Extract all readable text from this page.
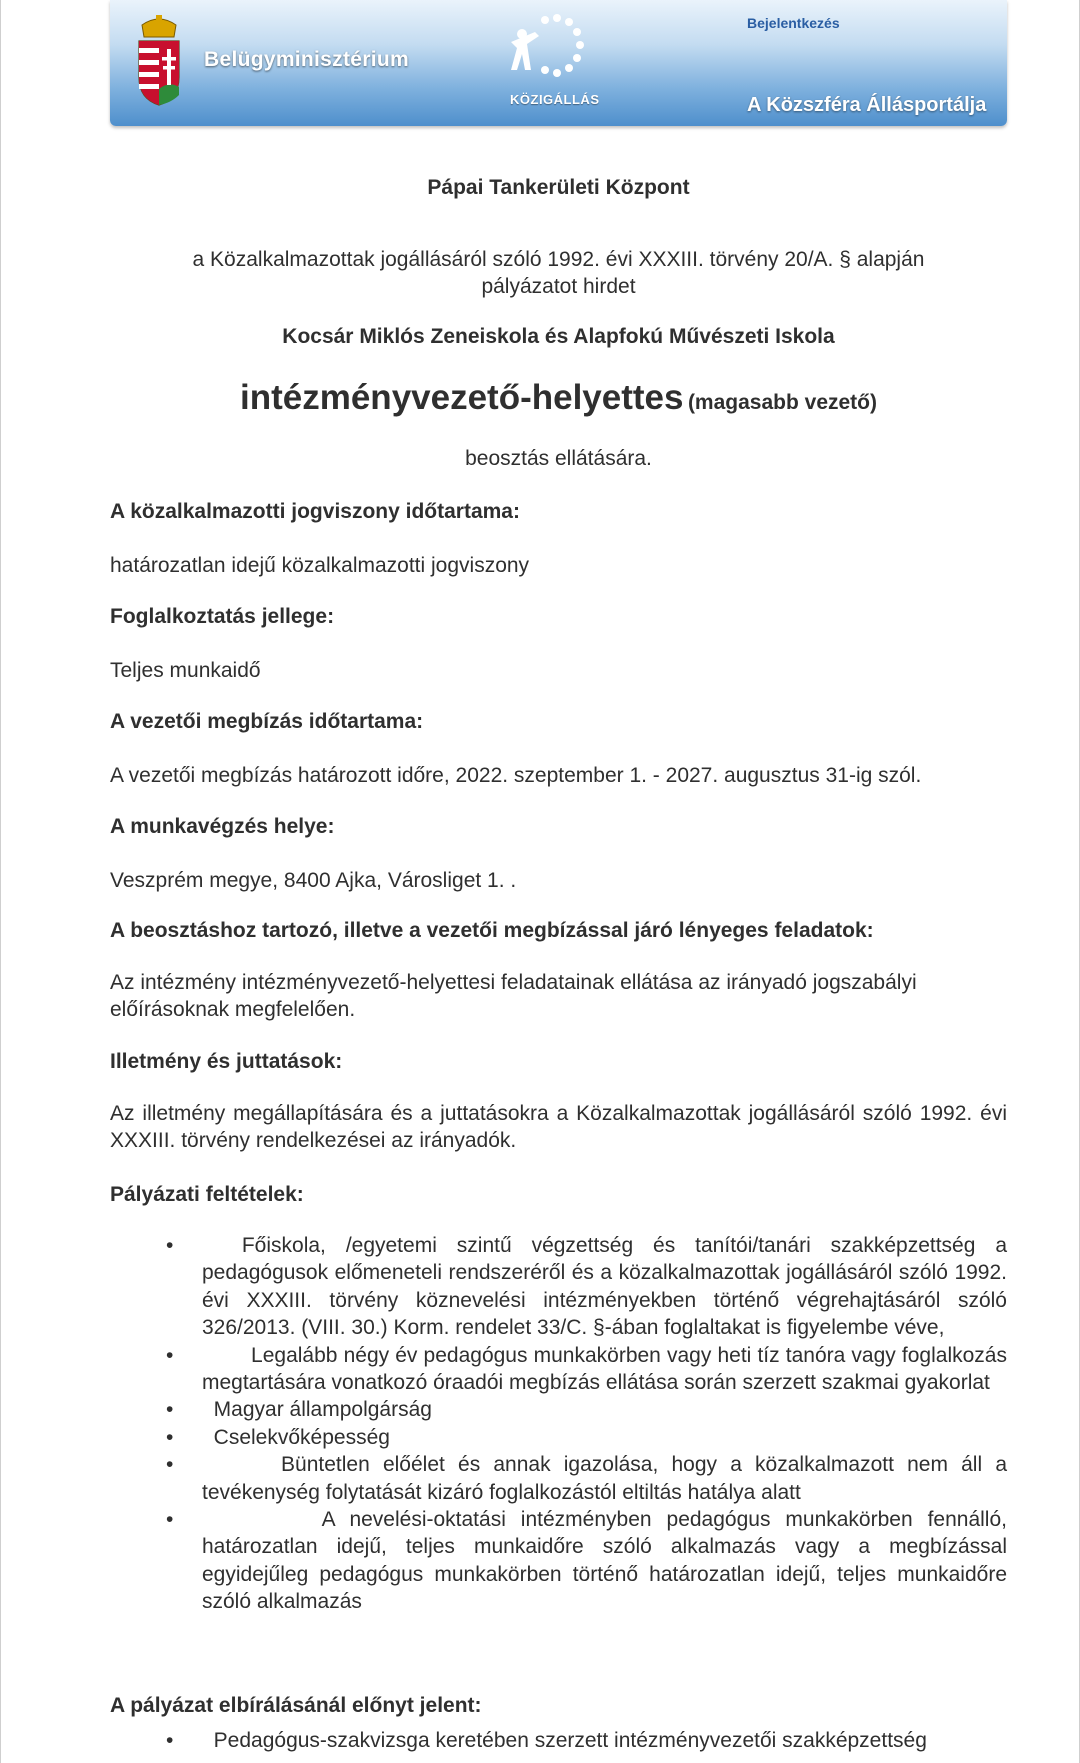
Belügyminisztérium
KÖZIGÁLLÁS
Bejelentkezés
A Közszféra Állásportálja
Pápai Tankerületi Központ
a Közalkalmazottak jogállásáról szóló 1992. évi XXXIII. törvény 20/A. § alapján pályázatot hirdet
Kocsár Miklós Zeneiskola és Alapfokú Művészeti Iskola
intézményvezető-helyettes (magasabb vezető)
beosztás ellátására.
A közalkalmazotti jogviszony időtartama:
határozatlan idejű közalkalmazotti jogviszony
Foglalkoztatás jellege:
Teljes munkaidő
A vezetői megbízás időtartama:
A vezetői megbízás határozott időre, 2022. szeptember 1. - 2027. augusztus 31-ig szól.
A munkavégzés helye:
Veszprém megye, 8400 Ajka, Városliget 1. .
A beosztáshoz tartozó, illetve a vezetői megbízással járó lényeges feladatok:
Az intézmény intézményvezető-helyettesi feladatainak ellátása az irányadó jogszabályi előírásoknak megfelelően.
Illetmény és juttatások:
Az illetmény megállapítására és a juttatásokra a Közalkalmazottak jogállásáról szóló 1992. évi XXXIII. törvény rendelkezései az irányadók.
Pályázati feltételek:
• Főiskola, /egyetemi szintű végzettség és tanítói/tanári szakképzettség a pedagógusok előmeneteli rendszeréről és a közalkalmazottak jogállásáról szóló 1992. évi XXXIII. törvény köznevelési intézményekben történő végrehajtásáról szóló 326/2013. (VIII. 30.) Korm. rendelet 33/C. §-ában foglaltakat is figyelembe véve,
• Legalább négy év pedagógus munkakörben vagy heti tíz tanóra vagy foglalkozás megtartására vonatkozó óraadói megbízás ellátása során szerzett szakmai gyakorlat
• Magyar állampolgárság
• Cselekvőképesség
• Büntetlen előélet és annak igazolása, hogy a közalkalmazott nem áll a tevékenység folytatását kizáró foglalkozástól eltiltás hatálya alatt
• A nevelési-oktatási intézményben pedagógus munkakörben fennálló, határozatlan idejű, teljes munkaidőre szóló alkalmazás vagy a megbízással egyidejűleg pedagógus munkakörben történő határozatlan idejű, teljes munkaidőre szóló alkalmazás
A pályázat elbírálásánál előnyt jelent:
• Pedagógus-szakvizsga keretében szerzett intézményvezetői szakképzettség
